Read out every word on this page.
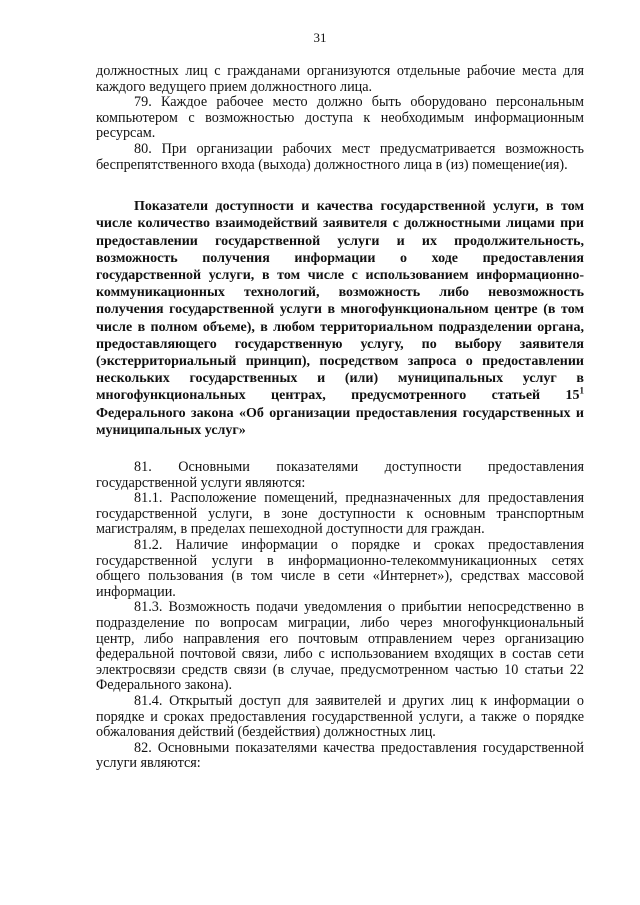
31

должностных лиц с гражданами организуются отдельные рабочие места для каждого ведущего прием должностного лица.

79. Каждое рабочее место должно быть оборудовано персональным компьютером с возможностью доступа к необходимым информационным ресурсам.

80. При организации рабочих мест предусматривается возможность беспрепятственного входа (выхода) должностного лица в (из) помещение(ия).

Показатели доступности и качества государственной услуги, в том числе количество взаимодействий заявителя с должностными лицами при предоставлении государственной услуги и их продолжительность, возможность получения информации о ходе предоставления государственной услуги, в том числе с использованием информационно-коммуникационных технологий, возможность либо невозможность получения государственной услуги в многофункциональном центре (в том числе в полном объеме), в любом территориальном подразделении органа, предоставляющего государственную услугу, по выбору заявителя (экстерриториальный принцип), посредством запроса о предоставлении нескольких государственных и (или) муниципальных услуг в многофункциональных центрах, предусмотренного статьей $15^1$ Федерального закона «Об организации предоставления государственных и муниципальных услуг»

81. Основными показателями доступности предоставления государственной услуги являются:

81.1. Расположение помещений, предназначенных для предоставления государственной услуги, в зоне доступности к основным транспортным магистралям, в пределах пешеходной доступности для граждан.

81.2. Наличие информации о порядке и сроках предоставления государственной услуги в информационно-телекоммуникационных сетях общего пользования (в том числе в сети «Интернет»), средствах массовой информации.

81.3. Возможность подачи уведомления о прибытии непосредственно в подразделение по вопросам миграции, либо через многофункциональный центр, либо направления его почтовым отправлением через организацию федеральной почтовой связи, либо с использованием входящих в состав сети электросвязи средств связи (в случае, предусмотренном частью 10 статьи 22 Федерального закона).

81.4. Открытый доступ для заявителей и других лиц к информации о порядке и сроках предоставления государственной услуги, а также о порядке обжалования действий (бездействия) должностных лиц.

82. Основными показателями качества предоставления государственной услуги являются:
